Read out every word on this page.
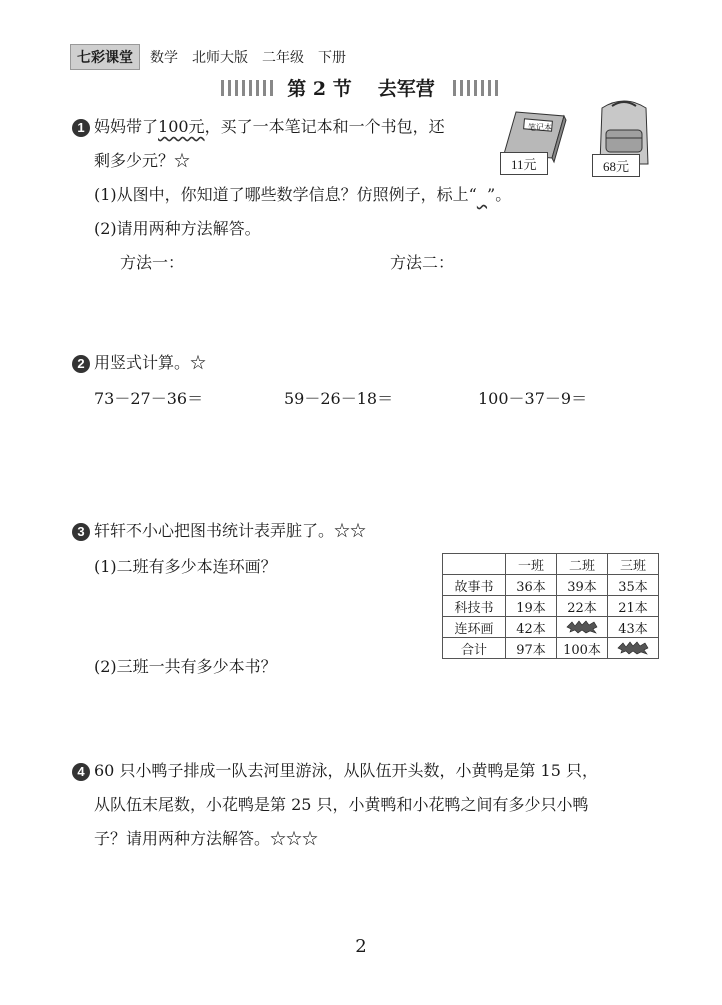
七彩课堂	数学 北师大版 二年级 下册
第 2 节 去军营
1 妈妈带了100元，买了一本笔记本和一个书包，还
剩多少元？☆
笔记本
11元	68元
(1)从图中，你知道了哪些数学信息？仿照例子，标上“ ”。
(2)请用两种方法解答。
方法一：	方法二：
2 用竖式计算。☆
73－27－36＝	59－26－18＝	100－37－9＝
3 轩轩不小心把图书统计表弄脏了。☆☆
(1)二班有多少本连环画？
(2)三班一共有多少本书？
	一班	二班	三班
故事书	36本	39本	35本
科技书	19本	22本	21本
连环画	42本		43本
合计	97本	100本	
4 60 只小鸭子排成一队去河里游泳，从队伍开头数，小黄鸭是第 15 只，
从队伍末尾数，小花鸭是第 25 只，小黄鸭和小花鸭之间有多少只小鸭
子？请用两种方法解答。☆☆☆
2
